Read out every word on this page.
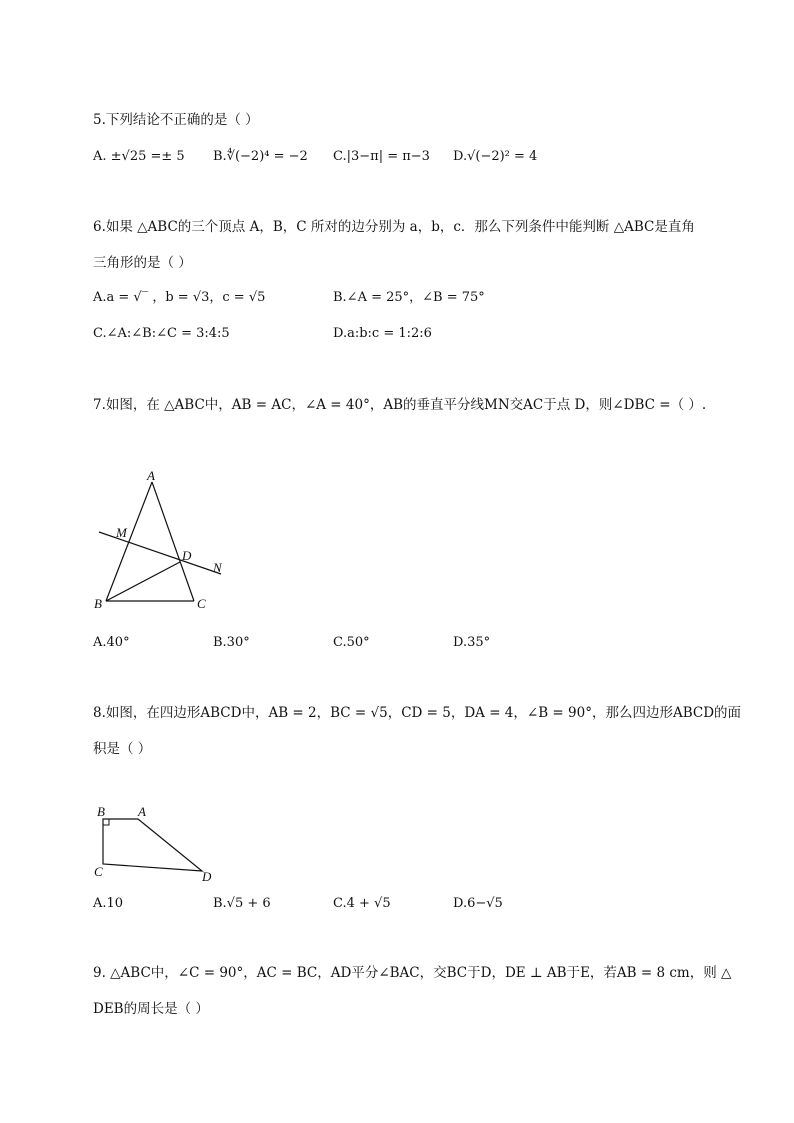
5.下列结论不正确的是（ ）
A. ±√25 =± 5 B.∜(−2)⁴ = −2 C.|3−π| = π−3 D.√(−2)² = 4
6.如果 △ABC的三个顶点 A，B，C 所对的边分别为 a，b，c．那么下列条件中能判断 △ABC是直角
三角形的是（ ）
A.a = √‾ ，b = √3，c = √5	B.∠A = 25°，∠B = 75°
C.∠A:∠B:∠C = 3:4:5	D.a:b:c = 1:2:6
7.如图，在 △ABC中，AB = AC，∠A = 40°，AB的垂直平分线MN交AC于点 D，则∠DBC =（ ）.
A
M
D
N
B	C
A.40°	B.30°	C.50°	D.35°
8.如图，在四边形ABCD中，AB = 2，BC = √5，CD = 5，DA = 4，∠B = 90°，那么四边形ABCD的面
积是（ ）
B	A
C	D
A.10	B.√5 + 6	C.4 + √5	D.6−√5
9. △ABC中，∠C = 90°，AC = BC，AD平分∠BAC，交BC于D，DE ⊥ AB于E，若AB = 8 cm，则 △
DEB的周长是（ ）
